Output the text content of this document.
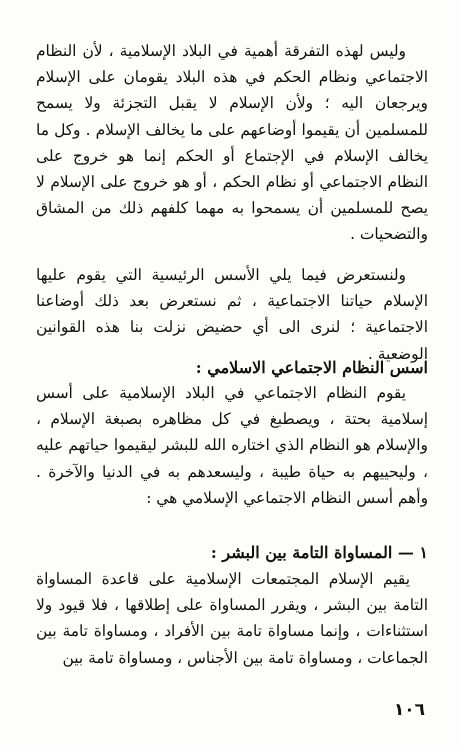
وليس لهذه التفرقة أهمية في البلاد الإسلامية ، لأن النظام الاجتماعي ونظام الحكم في هذه البلاد يقومان على الإسلام ويرجعان اليه ؛ ولأن الإسلام لا يقبل التجزئة ولا يسمح للمسلمين أن يقيموا أوضاعهم على ما يخالف الإسلام . وكل ما يخالف الإسلام في الإجتماع أو الحكم إنما هو خروج على النظام الاجتماعي أو نظام الحكم ، أو هو خروج على الإسلام لا يصح للمسلمين أن يسمحوا به مهما كلفهم ذلك من المشاق والتضحيات .

ولنستعرض فيما يلي الأسس الرئيسية التي يقوم عليها الإسلام حياتنا الاجتماعية ، ثم نستعرض بعد ذلك أوضاعنا الاجتماعية ؛ لنرى الى أي حضيض نزلت بنا هذه القوانين الوضعية .

اسس النظام الاجتماعي الاسلامي :

يقوم النظام الاجتماعي في البلاد الإسلامية على أسس إسلامية بحتة ، ويصطبغ في كل مظاهره بصبغة الإسلام ، والإسلام هو النظام الذي اختاره الله للبشر ليقيموا حياتهم عليه ، وليحييهم به حياة طيبة ، وليسعدهم به في الدنيا والآخرة . وأهم أسس النظام الاجتماعي الإسلامي هي :

١ — المساواة التامة بين البشر :

يقيم الإسلام المجتمعات الإسلامية على قاعدة المساواة التامة بين البشر ، ويقرر المساواة على إطلاقها ، فلا قيود ولا استثناءات ، وإنما مساواة تامة بين الأفراد ، ومساواة تامة بين الجماعات ، ومساواة تامة بين الأجناس ، ومساواة تامة بين

١٠٦
